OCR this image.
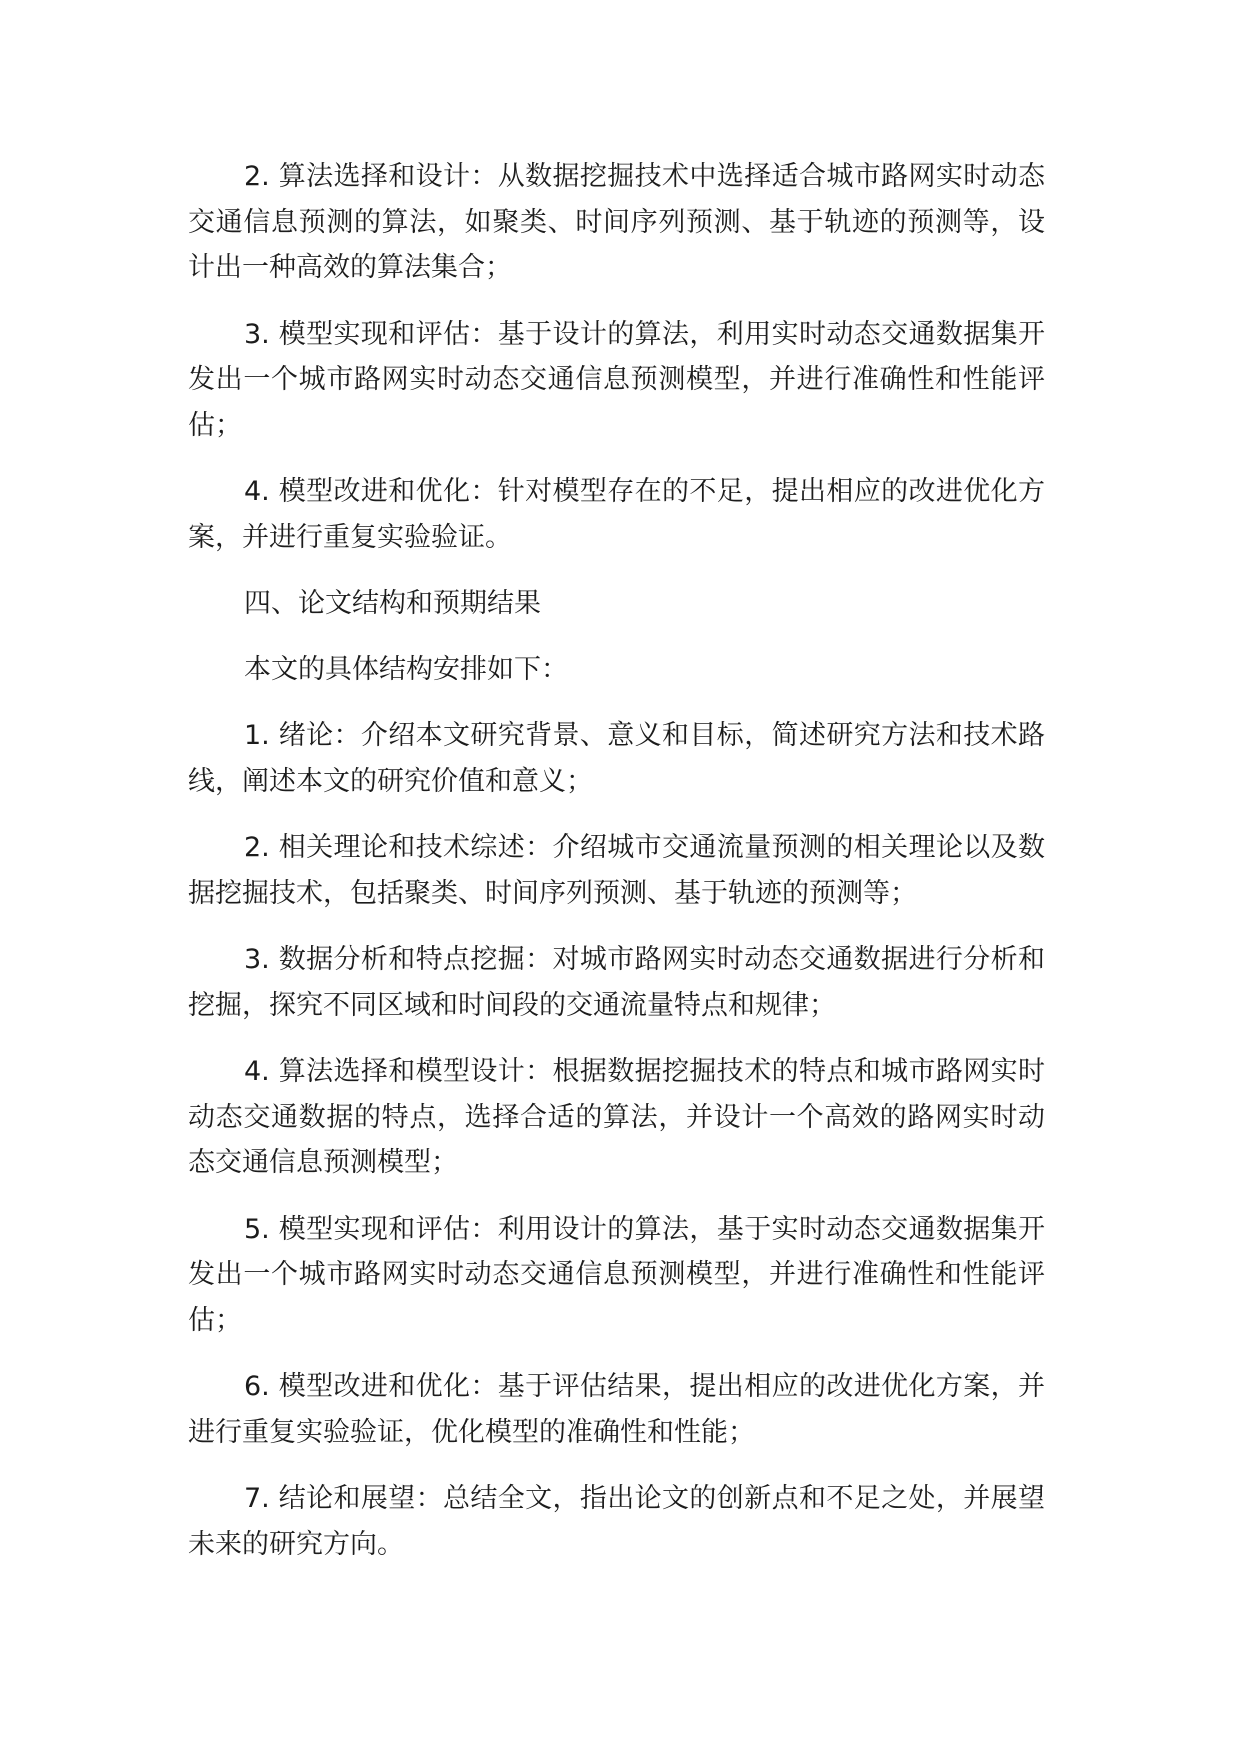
2. 算法选择和设计：从数据挖掘技术中选择适合城市路网实时动态
交通信息预测的算法，如聚类、时间序列预测、基于轨迹的预测等，设
计出一种高效的算法集合；
3. 模型实现和评估：基于设计的算法，利用实时动态交通数据集开
发出一个城市路网实时动态交通信息预测模型，并进行准确性和性能评
估；
4. 模型改进和优化：针对模型存在的不足，提出相应的改进优化方
案，并进行重复实验验证。
四、论文结构和预期结果
本文的具体结构安排如下：
1. 绪论：介绍本文研究背景、意义和目标，简述研究方法和技术路
线，阐述本文的研究价值和意义；
2. 相关理论和技术综述：介绍城市交通流量预测的相关理论以及数
据挖掘技术，包括聚类、时间序列预测、基于轨迹的预测等；
3. 数据分析和特点挖掘：对城市路网实时动态交通数据进行分析和
挖掘，探究不同区域和时间段的交通流量特点和规律；
4. 算法选择和模型设计：根据数据挖掘技术的特点和城市路网实时
动态交通数据的特点，选择合适的算法，并设计一个高效的路网实时动
态交通信息预测模型；
5. 模型实现和评估：利用设计的算法，基于实时动态交通数据集开
发出一个城市路网实时动态交通信息预测模型，并进行准确性和性能评
估；
6. 模型改进和优化：基于评估结果，提出相应的改进优化方案，并
进行重复实验验证，优化模型的准确性和性能；
7. 结论和展望：总结全文，指出论文的创新点和不足之处，并展望
未来的研究方向。
